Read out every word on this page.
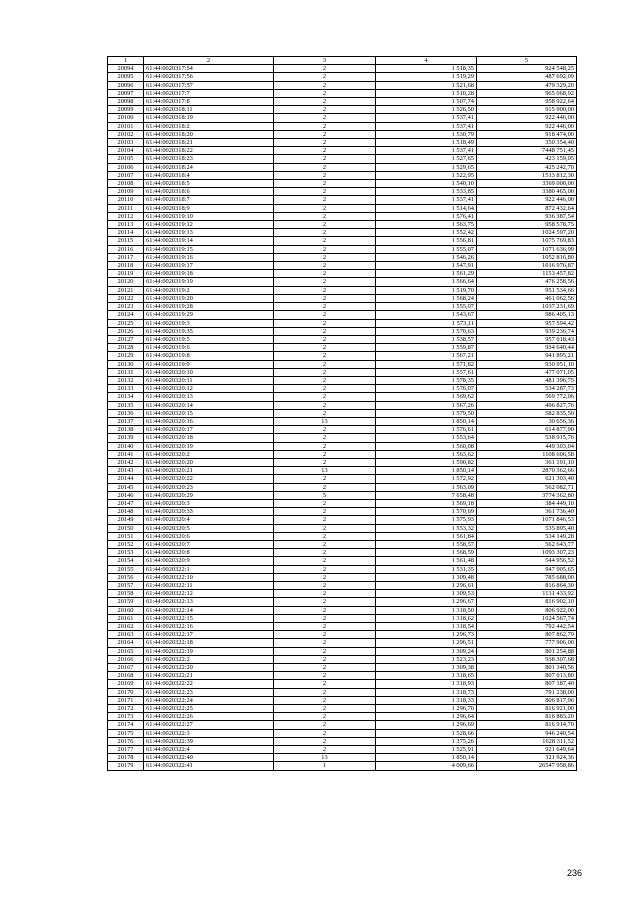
1	2	3	4	5
20094	61:44:0020317:54	2	1 518,35	924 548,25
20095	61:44:0020317:56	2	1 519,29	487 692,09
20096	61:44:0020317:57	2	1 521,68	479 329,20
20097	61:44:0020317:7	2	1 510,28	965 068,92
20098	61:44:0020317:8	2	1 507,74	958 922,64
20099	61:44:0020318:11	2	1 526,50	915 900,00
20100	61:44:0020318:19	2	1 537,41	922 446,00
20101	61:44:0020318:2	2	1 537,41	922 446,00
20102	61:44:0020318:20	2	1 530,79	918 474,00
20103	61:44:0020318:21	2	1 518,49	350 354,40
20104	61:44:0020318:22	2	1 537,41	7448 751,45
20105	61:44:0020318:23	2	1 527,65	423 159,05
20106	61:44:0020318:24	2	1 529,65	425 242,70
20107	61:44:0020318:4	2	1 522,95	1513 812,30
20108	61:44:0020318:5	2	1 540,10	3369 000,00
20109	61:44:0020318:6	2	1 533,85	3380 465,00
20110	61:44:0020318:7	2	1 537,41	922 446,00
20111	61:44:0020318:9	2	1 514,64	872 432,64
20112	61:44:0020319:10	2	1 576,41	936 387,54
20113	61:44:0020319:12	2	1 563,75	958 578,75
20114	61:44:0020319:13	2	1 552,42	1024 597,20
20115	61:44:0020319:14	2	1 556,81	1075 769,83
20116	61:44:0020319:15	2	1 555,07	1071 636,99
20117	61:44:0020319:16	2	1 546,26	1052 816,80
20118	61:44:0020319:17	2	1 547,91	1016 976,87
20119	61:44:0020319:18	2	1 561,29	1153 457,82
20120	61:44:0020319:19	2	1 566,64	476 258,56
20121	61:44:0020319:2	2	1 519,70	951 534,66
20122	61:44:0020319:20	2	1 568,24	461 062,56
20123	61:44:0020319:28	2	1 555,07	1037 231,69
20124	61:44:0020319:29	2	1 543,67	986 405,13
20125	61:44:0020319:3	2	1 573,11	957 594,42
20126	61:44:0020319:35	2	1 570,63	939 236,74
20127	61:44:0020319:5	2	1 538,57	957 018,43
20128	61:44:0020319:6	2	1 559,87	934 640,44
20129	61:44:0020319:8	2	1 567,21	941 895,21
20130	61:44:0020319:9	2	1 571,82	930 951,10
20131	61:44:0020320:10	2	1 557,61	477 071,05
20132	61:44:0020320:11	2	1 578,35	481 396,75
20133	61:44:0020320:12	2	1 576,07	534 287,73
20134	61:44:0020320:13	2	1 569,62	569 772,06
20135	61:44:0020320:14	2	1 567,26	496 827,76
20136	61:44:0020320:15	2	1 579,50	582 835,50
20137	61:44:0020320:16	13	1 850,14	30 656,36
20138	61:44:0020320:17	2	1 576,61	614 877,90
20139	61:44:0020320:18	2	1 553,64	538 915,76
20140	61:44:0020320:19	2	1 560,08	449 303,04
20141	61:44:0020320:2	2	1 563,62	1108 606,58
20142	61:44:0020320:20	2	1 590,82	361 191,10
20143	61:44:0020320:21	13	1 850,14	2870 362,66
20144	61:44:0020320:22	2	1 572,92	621 303,40
20145	61:44:0020320:23	2	1 563,09	562 082,71
20146	61:44:0020320:29	5	7 658,48	3774 362,80
20147	61:44:0020320:3	2	1 569,18	384 449,10
20148	61:44:0020320:33	2	1 570,69	361 736,40
20149	61:44:0020320:4	2	1 575,93	1071 846,53
20150	61:44:0020320:5	2	1 553,32	535 895,40
20151	61:44:0020320:6	2	1 561,84	534 149,28
20152	61:44:0020320:7	2	1 558,57	562 643,77
20153	61:44:0020320:8	2	1 568,59	1093 307,23
20154	61:44:0020320:9	2	1 561,48	544 956,52
20155	61:44:0020322:1	2	1 531,35	947 905,65
20156	61:44:0020322:10	2	1 309,48	785 688,00
20157	61:44:0020322:11	2	1 296,61	816 864,30
20158	61:44:0020322:12	2	1 309,53	1131 433,92
20159	61:44:0020322:13	2	1 296,67	816 902,10
20160	61:44:0020322:14	2	1 318,50	806 922,00
20161	61:44:0020322:15	2	1 318,62	1024 567,74
20162	61:44:0020322:16	2	1 318,54	792 442,54
20163	61:44:0020322:17	2	1 296,73	807 862,79
20164	61:44:0020322:18	2	1 296,51	777 906,00
20165	61:44:0020322:19	2	1 309,24	801 254,88
20166	61:44:0020322:2	2	1 523,23	938 307,68
20167	61:44:0020322:20	2	1 309,38	801 340,56
20168	61:44:0020322:21	2	1 318,65	807 013,80
20169	61:44:0020322:22	2	1 318,93	807 187,40
20170	61:44:0020322:23	2	1 318,73	791 238,00
20171	61:44:0020322:24	2	1 318,33	806 817,96
20172	61:44:0020322:25	2	1 296,70	816 921,00
20173	61:44:0020322:26	2	1 296,64	816 883,20
20174	61:44:0020322:27	2	1 296,69	816 914,70
20175	61:44:0020322:3	2	1 528,66	946 240,54
20176	61:44:0020322:39	2	1 375,26	1628 311,52
20177	61:44:0020322:4	2	1 525,91	921 649,64
20178	61:44:0020322:40	13	1 850,14	321 924,36
20179	61:44:0020322:41	1	4 009,66	26547 958,86
236
